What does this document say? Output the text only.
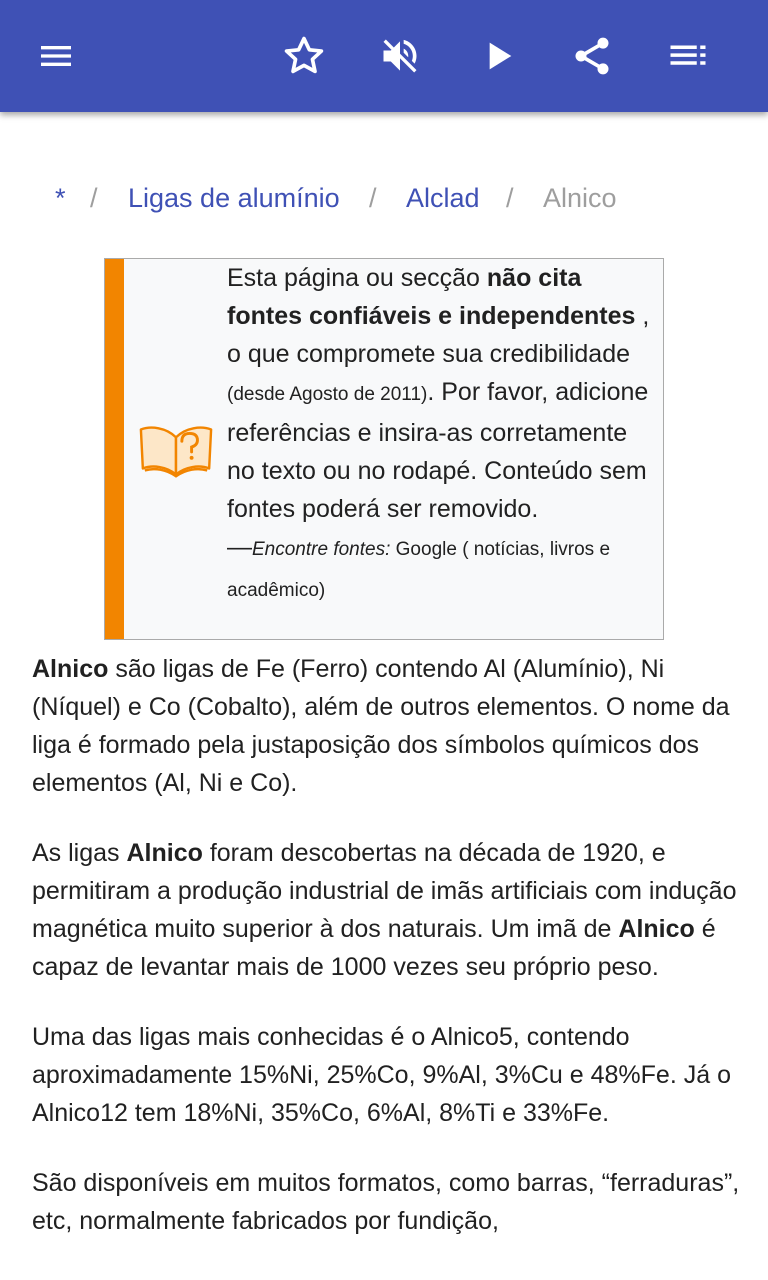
* / Ligas de alumínio / Alclad / Alnico
Esta página ou secção não cita fontes confiáveis e independentes , o que compromete sua credibilidade (desde Agosto de 2011). Por favor, adicione referências e insira-as corretamente no texto ou no rodapé. Conteúdo sem fontes poderá ser removido.
—Encontre fontes: Google ( notícias, livros e acadêmico)

Alnico são ligas de Fe (Ferro) contendo Al (Alumínio), Ni (Níquel) e Co (Cobalto), além de outros elementos. O nome da liga é formado pela justaposição dos símbolos químicos dos elementos (Al, Ni e Co).

As ligas Alnico foram descobertas na década de 1920, e permitiram a produção industrial de imãs artificiais com indução magnética muito superior à dos naturais. Um imã de Alnico é capaz de levantar mais de 1000 vezes seu próprio peso.

Uma das ligas mais conhecidas é o Alnico5, contendo aproximadamente 15%Ni, 25%Co, 9%Al, 3%Cu e 48%Fe. Já o Alnico12 tem 18%Ni, 35%Co, 6%Al, 8%Ti e 33%Fe.

São disponíveis em muitos formatos, como barras, “ferraduras”, etc, normalmente fabricados por fundição,
